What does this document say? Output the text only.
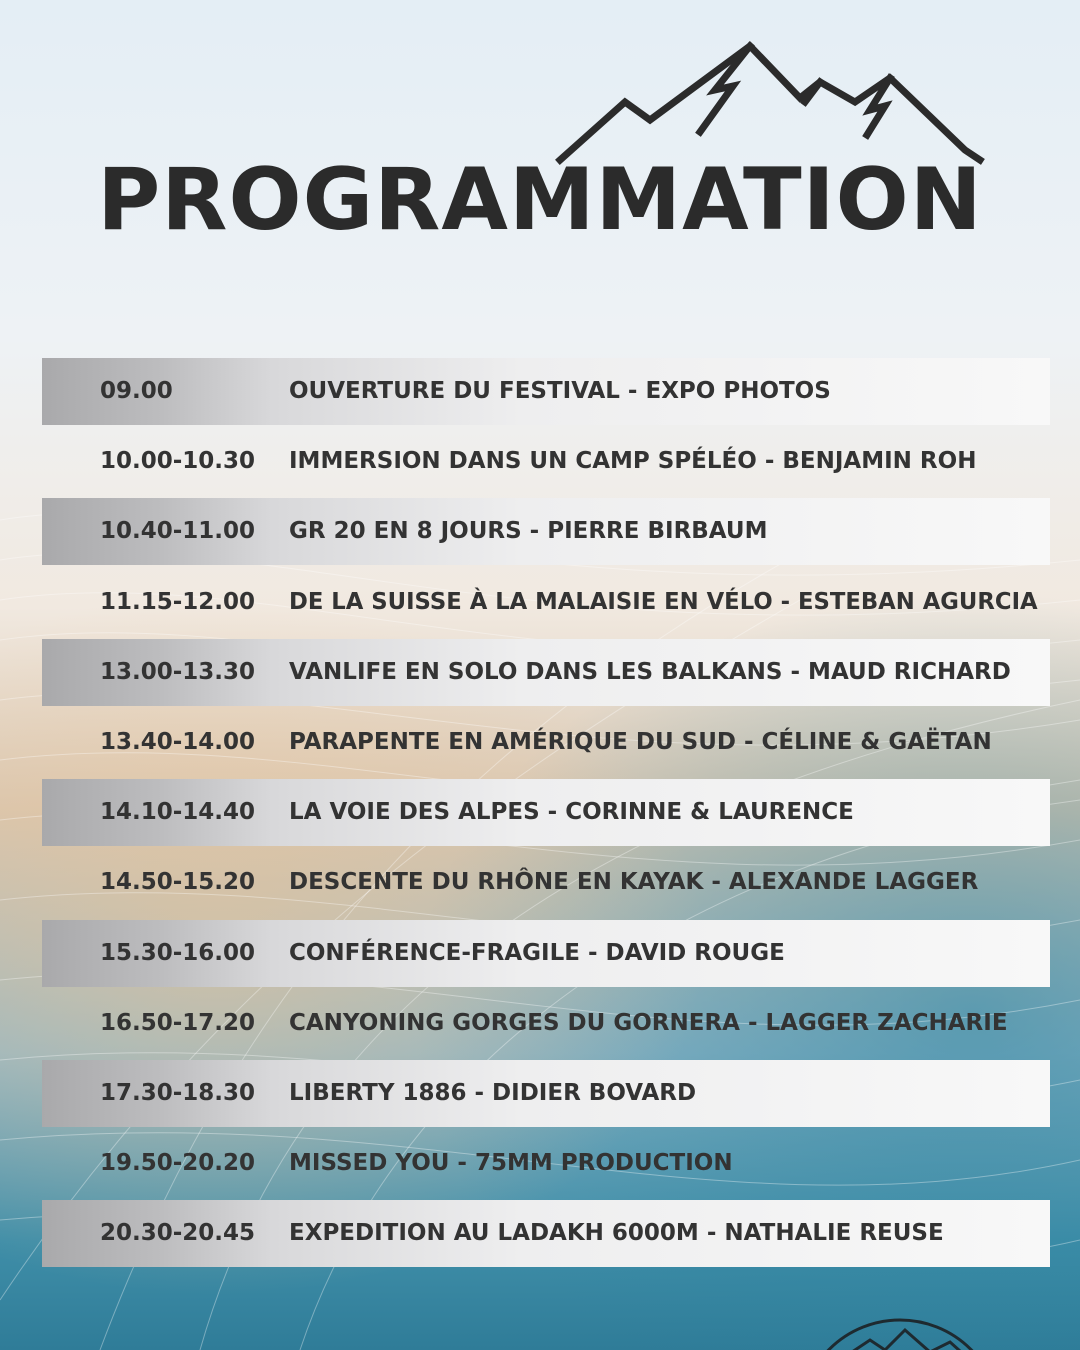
PROGRAMMATION
09.00	OUVERTURE DU FESTIVAL - EXPO PHOTOS
10.00-10.30 IMMERSION DANS UN CAMP SPÉLÉO - BENJAMIN ROH
10.40-11.00 GR 20 EN 8 JOURS - PIERRE BIRBAUM
11.15-12.00 DE LA SUISSE À LA MALAISIE EN VÉLO - ESTEBAN AGURCIA
13.00-13.30 VANLIFE EN SOLO DANS LES BALKANS - MAUD RICHARD
13.40-14.00 PARAPENTE EN AMÉRIQUE DU SUD - CÉLINE & GAËTAN
14.10-14.40 LA VOIE DES ALPES - CORINNE & LAURENCE
14.50-15.20 DESCENTE DU RHÔNE EN KAYAK - ALEXANDE LAGGER
15.30-16.00 CONFÉRENCE-FRAGILE - DAVID ROUGE
16.50-17.20 CANYONING GORGES DU GORNERA - LAGGER ZACHARIE
17.30-18.30 LIBERTY 1886 - DIDIER BOVARD
19.50-20.20 MISSED YOU - 75MM PRODUCTION
20.30-20.45 EXPEDITION AU LADAKH 6000M - NATHALIE REUSE
